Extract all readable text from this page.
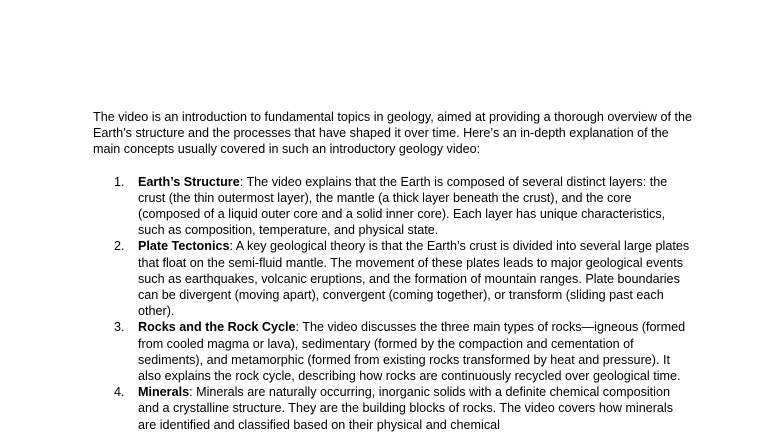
The video is an introduction to fundamental topics in geology, aimed at providing a thorough overview of the Earth’s structure and the processes that have shaped it over time. Here’s an in-depth explanation of the main concepts usually covered in such an introductory geology video:

1. Earth’s Structure: The video explains that the Earth is composed of several distinct layers: the crust (the thin outermost layer), the mantle (a thick layer beneath the crust), and the core (composed of a liquid outer core and a solid inner core). Each layer has unique characteristics, such as composition, temperature, and physical state.
2. Plate Tectonics: A key geological theory is that the Earth’s crust is divided into several large plates that float on the semi-fluid mantle. The movement of these plates leads to major geological events such as earthquakes, volcanic eruptions, and the formation of mountain ranges. Plate boundaries can be divergent (moving apart), convergent (coming together), or transform (sliding past each other).
3. Rocks and the Rock Cycle: The video discusses the three main types of rocks—igneous (formed from cooled magma or lava), sedimentary (formed by the compaction and cementation of sediments), and metamorphic (formed from existing rocks transformed by heat and pressure). It also explains the rock cycle, describing how rocks are continuously recycled over geological time.
4. Minerals: Minerals are naturally occurring, inorganic solids with a definite chemical composition and a crystalline structure. They are the building blocks of rocks. The video covers how minerals are identified and classified based on their physical and chemical
